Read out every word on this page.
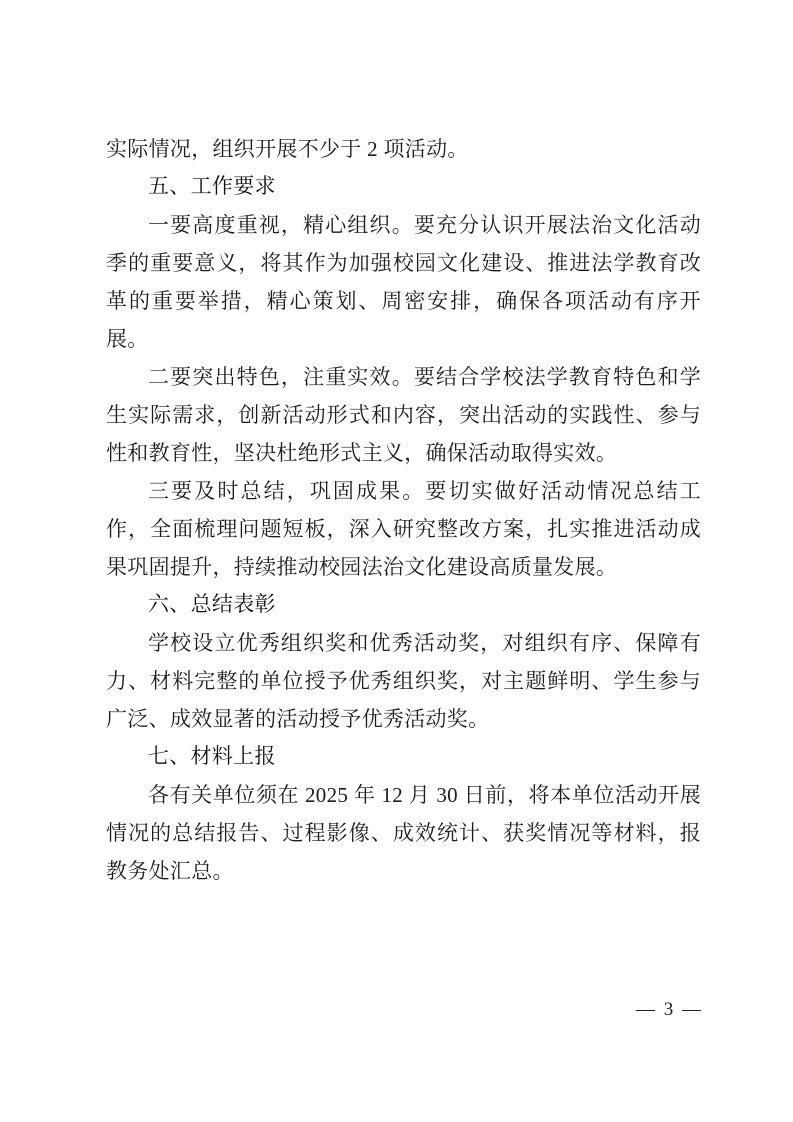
实际情况，组织开展不少于 2 项活动。

五、工作要求

一要高度重视，精心组织。要充分认识开展法治文化活动季的重要意义，将其作为加强校园文化建设、推进法学教育改革的重要举措，精心策划、周密安排，确保各项活动有序开展。

二要突出特色，注重实效。要结合学校法学教育特色和学生实际需求，创新活动形式和内容，突出活动的实践性、参与性和教育性，坚决杜绝形式主义，确保活动取得实效。

三要及时总结，巩固成果。要切实做好活动情况总结工作，全面梳理问题短板，深入研究整改方案，扎实推进活动成果巩固提升，持续推动校园法治文化建设高质量发展。

六、总结表彰

学校设立优秀组织奖和优秀活动奖，对组织有序、保障有力、材料完整的单位授予优秀组织奖，对主题鲜明、学生参与广泛、成效显著的活动授予优秀活动奖。

七、材料上报

各有关单位须在 2025 年 12 月 30 日前，将本单位活动开展情况的总结报告、过程影像、成效统计、获奖情况等材料，报教务处汇总。

— 3 —
